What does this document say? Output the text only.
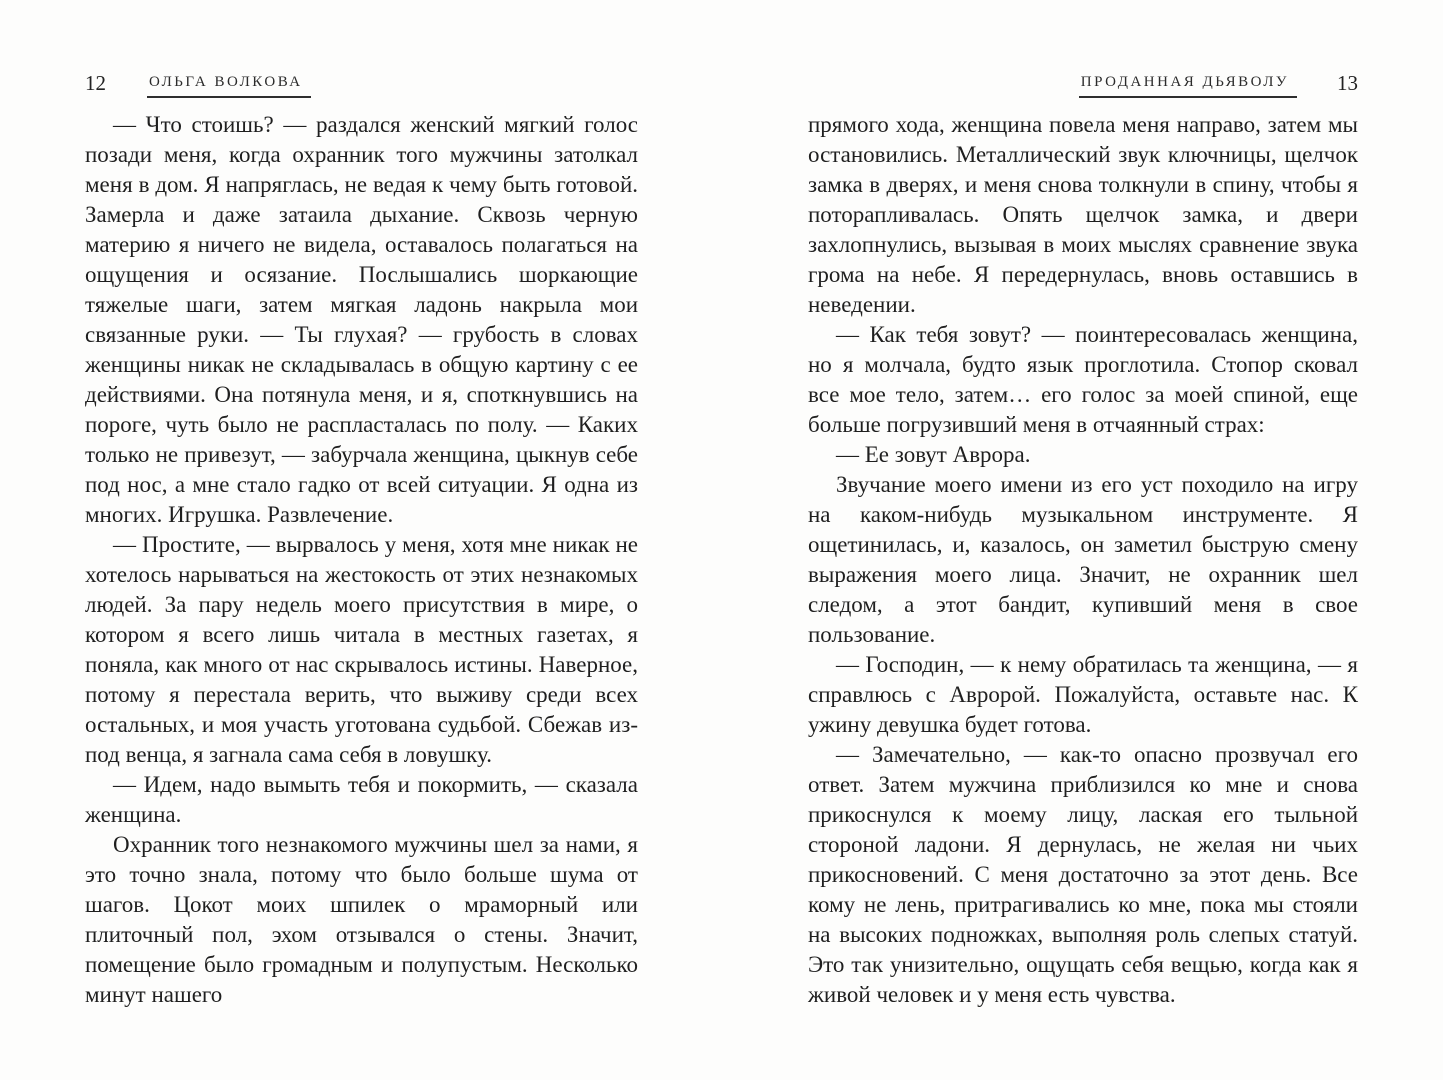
12	ОЛЬГА ВОЛКОВА

— Что стоишь? — раздался женский мягкий голос позади меня, когда охранник того мужчины затолкал меня в дом. Я напряглась, не ведая к чему быть готовой. Замерла и даже затаила дыхание. Сквозь черную материю я ничего не видела, оставалось полагаться на ощущения и осязание. Послышались шоркающие тяжелые шаги, затем мягкая ладонь накрыла мои связанные руки. — Ты глухая? — грубость в словах женщины никак не складывалась в общую картину с ее действиями. Она потянула меня, и я, споткнувшись на пороге, чуть было не распласталась по полу. — Каких только не привезут, — забурчала женщина, цыкнув себе под нос, а мне стало гадко от всей ситуации. Я одна из многих. Игрушка. Развлечение.

— Простите, — вырвалось у меня, хотя мне никак не хотелось нарываться на жестокость от этих незнакомых людей. За пару недель моего присутствия в мире, о котором я всего лишь читала в местных газетах, я поняла, как много от нас скрывалось истины. Наверное, потому я перестала верить, что выживу среди всех остальных, и моя участь уготована судьбой. Сбежав из-под венца, я загнала сама себя в ловушку.

— Идем, надо вымыть тебя и покормить, — сказала женщина.

Охранник того незнакомого мужчины шел за нами, я это точно знала, потому что было больше шума от шагов. Цокот моих шпилек о мраморный или плиточный пол, эхом отзывался о стены. Значит, помещение было громадным и полупустым. Несколько минут нашего

ПРОДАННАЯ ДЬЯВОЛУ	13

прямого хода, женщина повела меня направо, затем мы остановились. Металлический звук ключницы, щелчок замка в дверях, и меня снова толкнули в спину, чтобы я поторапливалась. Опять щелчок замка, и двери захлопнулись, вызывая в моих мыслях сравнение звука грома на небе. Я передернулась, вновь оставшись в неведении.

— Как тебя зовут? — поинтересовалась женщина, но я молчала, будто язык проглотила. Стопор сковал все мое тело, затем… его голос за моей спиной, еще больше погрузивший меня в отчаянный страх:

— Ее зовут Аврора.

Звучание моего имени из его уст походило на игру на каком-нибудь музыкальном инструменте. Я ощетинилась, и, казалось, он заметил быструю смену выражения моего лица. Значит, не охранник шел следом, а этот бандит, купивший меня в свое пользование.

— Господин, — к нему обратилась та женщина, — я справлюсь с Авророй. Пожалуйста, оставьте нас. К ужину девушка будет готова.

— Замечательно, — как-то опасно прозвучал его ответ. Затем мужчина приблизился ко мне и снова прикоснулся к моему лицу, лаская его тыльной стороной ладони. Я дернулась, не желая ни чьих прикосновений. С меня достаточно за этот день. Все кому не лень, притрагивались ко мне, пока мы стояли на высоких подножках, выполняя роль слепых статуй. Это так унизительно, ощущать себя вещью, когда как я живой человек и у меня есть чувства.
